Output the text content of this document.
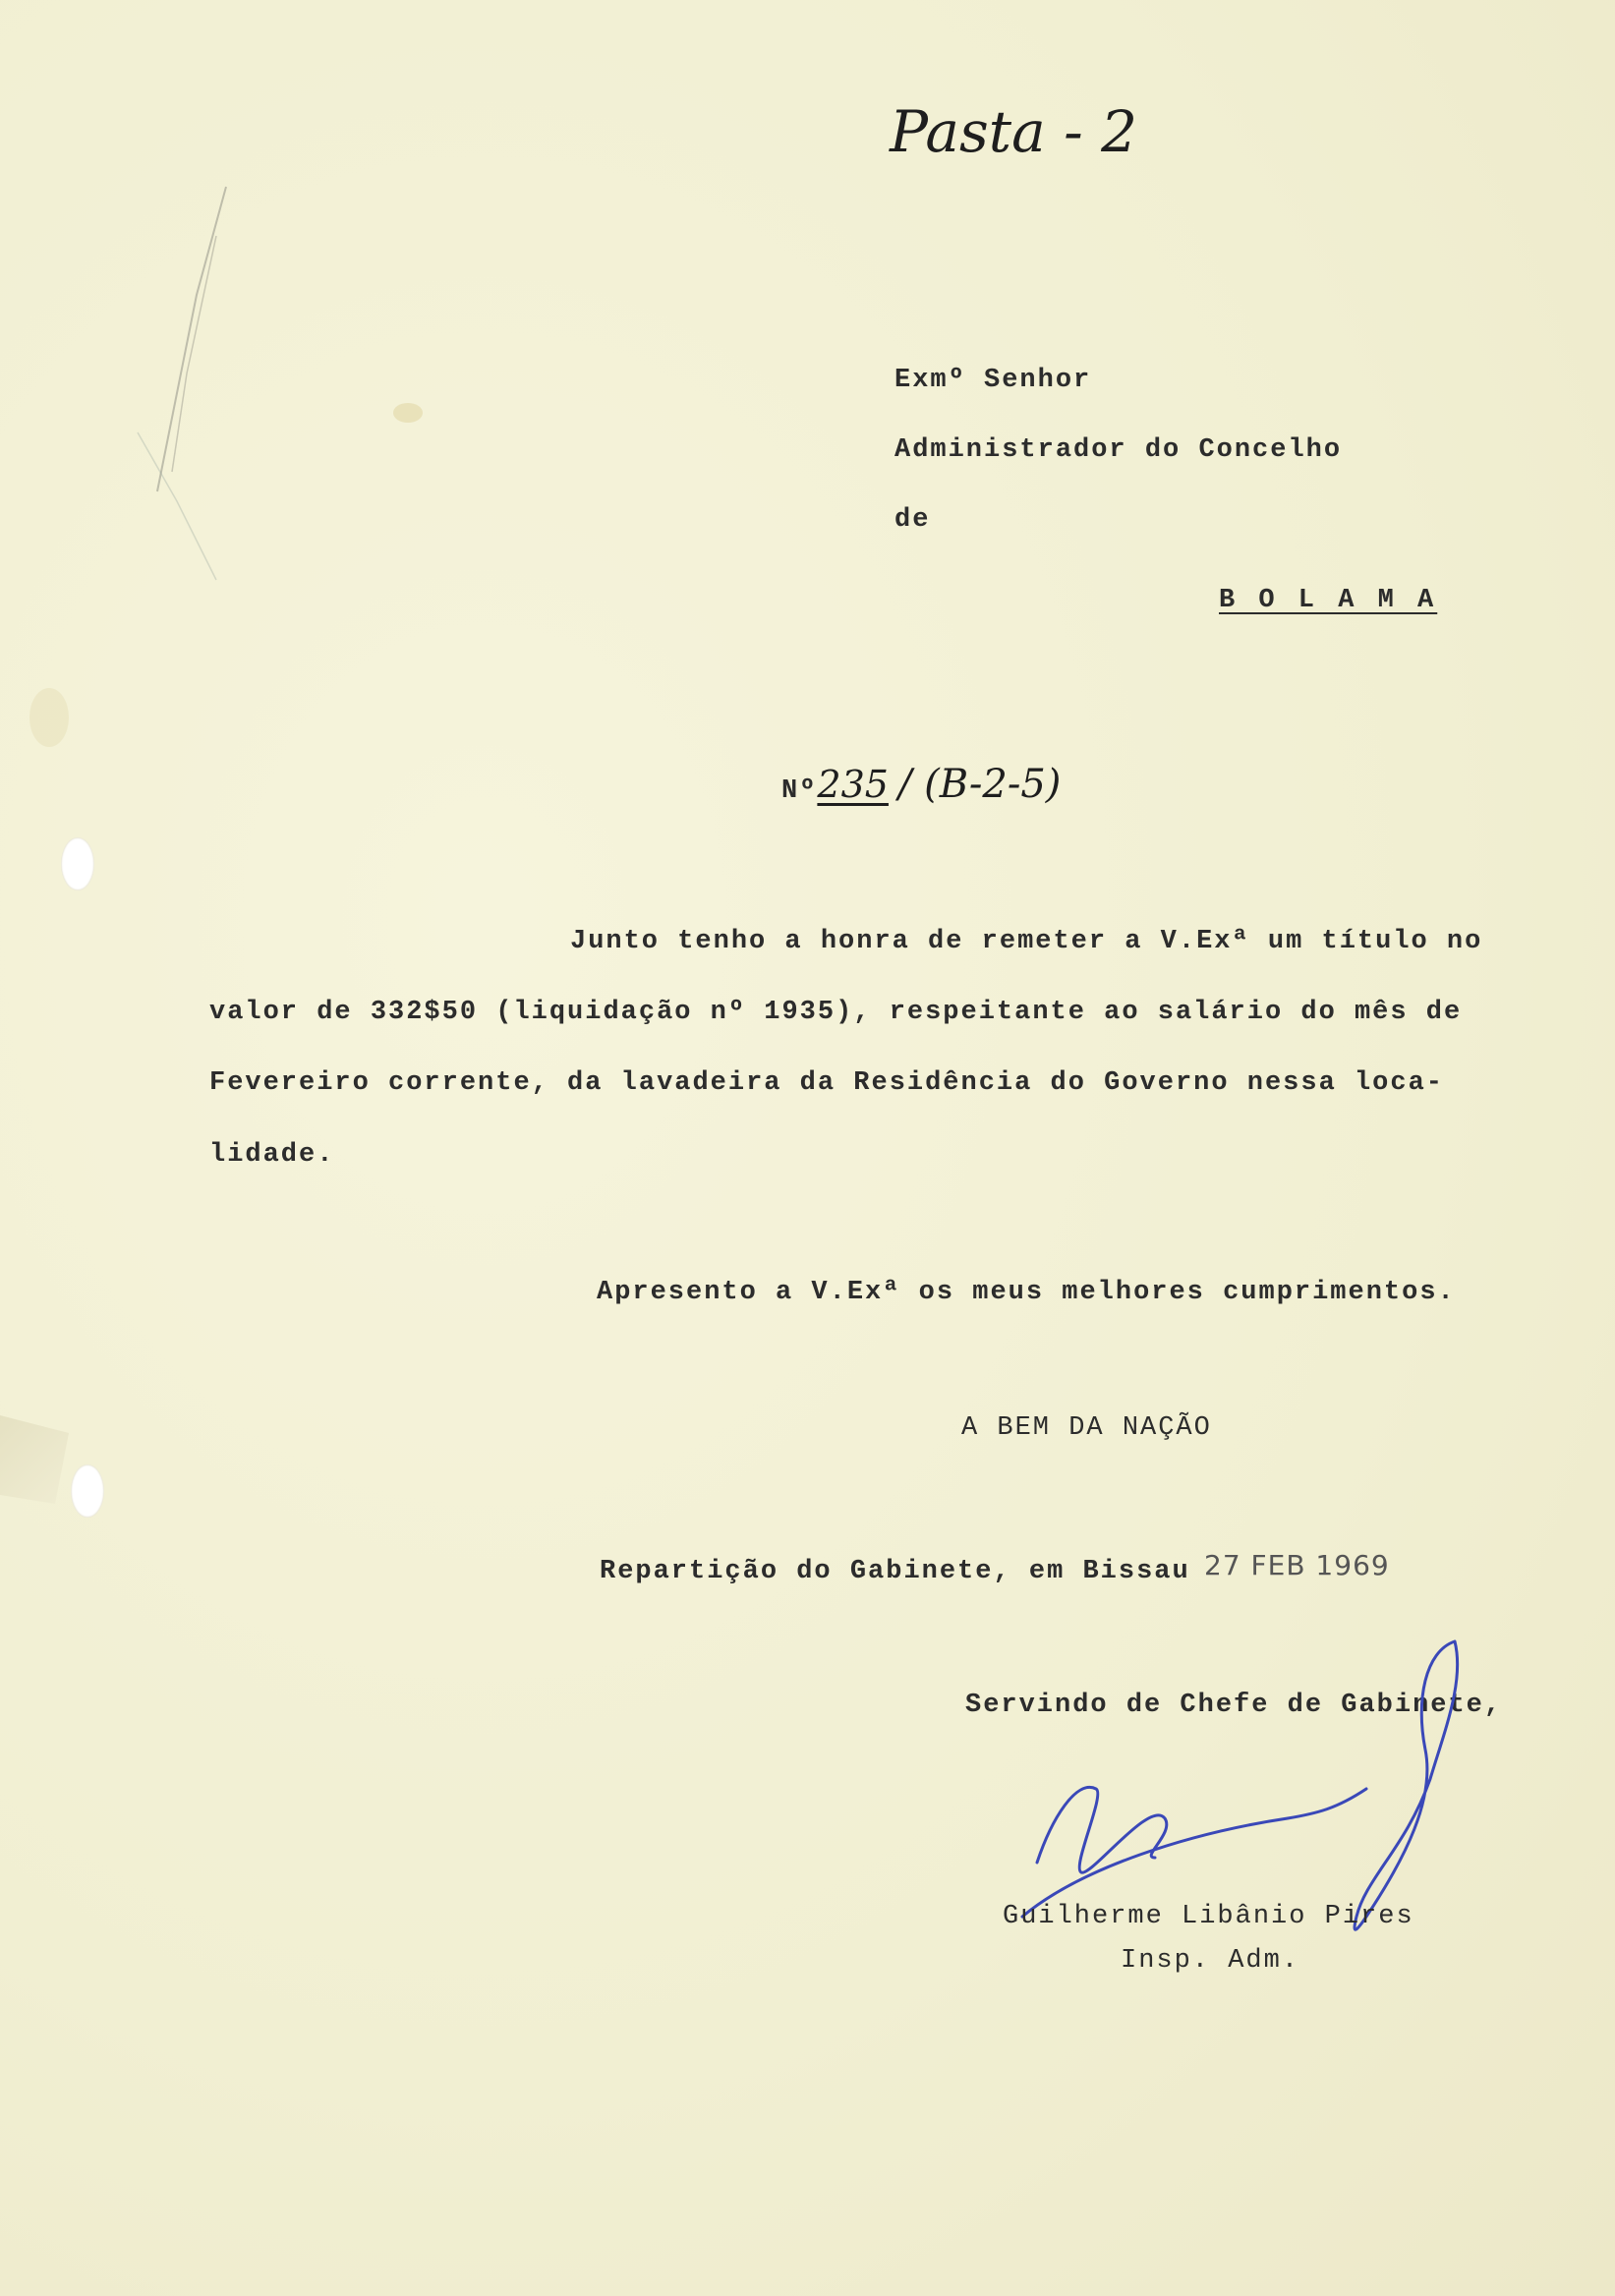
Pasta - 2
Exmº Senhor
Administrador do Concelho
de
B O L A M A
Nº235 / (B-2-5)
Junto tenho a honra de remeter a V.Exª um título no
valor de 332$50 (liquidação nº 1935), respeitante ao salário do mês de
Fevereiro corrente, da lavadeira da Residência do Governo nessa loca-
lidade.
Apresento a V.Exª os meus melhores cumprimentos.
A BEM DA NAÇÃO
Repartição do Gabinete, em Bissau 27 FEB 1969
Servindo de Chefe de Gabinete,
Guilherme Libânio Pires
Insp. Adm.
